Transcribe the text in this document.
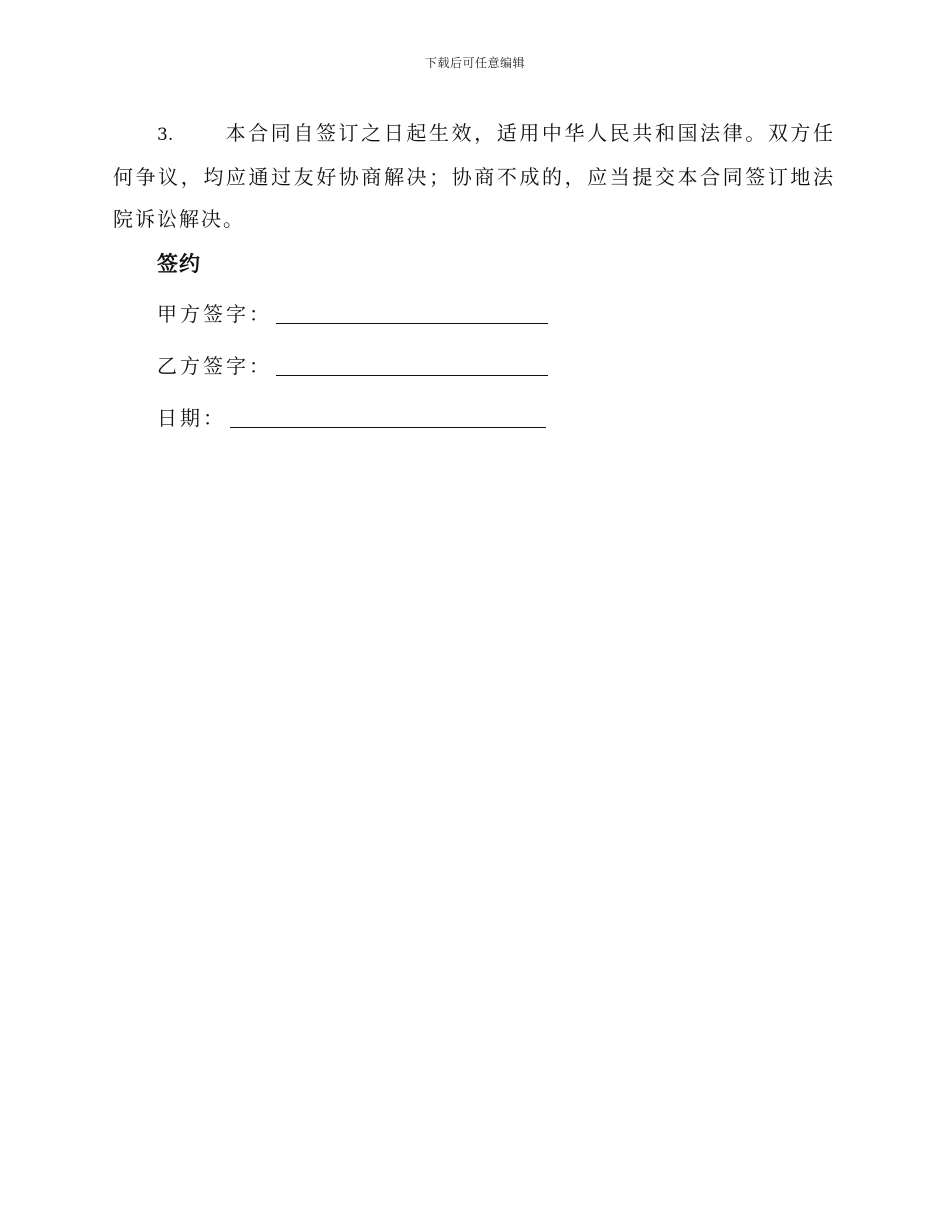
下载后可任意编辑

3.	本合同自签订之日起生效，适用中华人民共和国法律。双方任何争议，均应通过友好协商解决；协商不成的，应当提交本合同签订地法院诉讼解决。

签约
甲方签字：
乙方签字：
日期：
